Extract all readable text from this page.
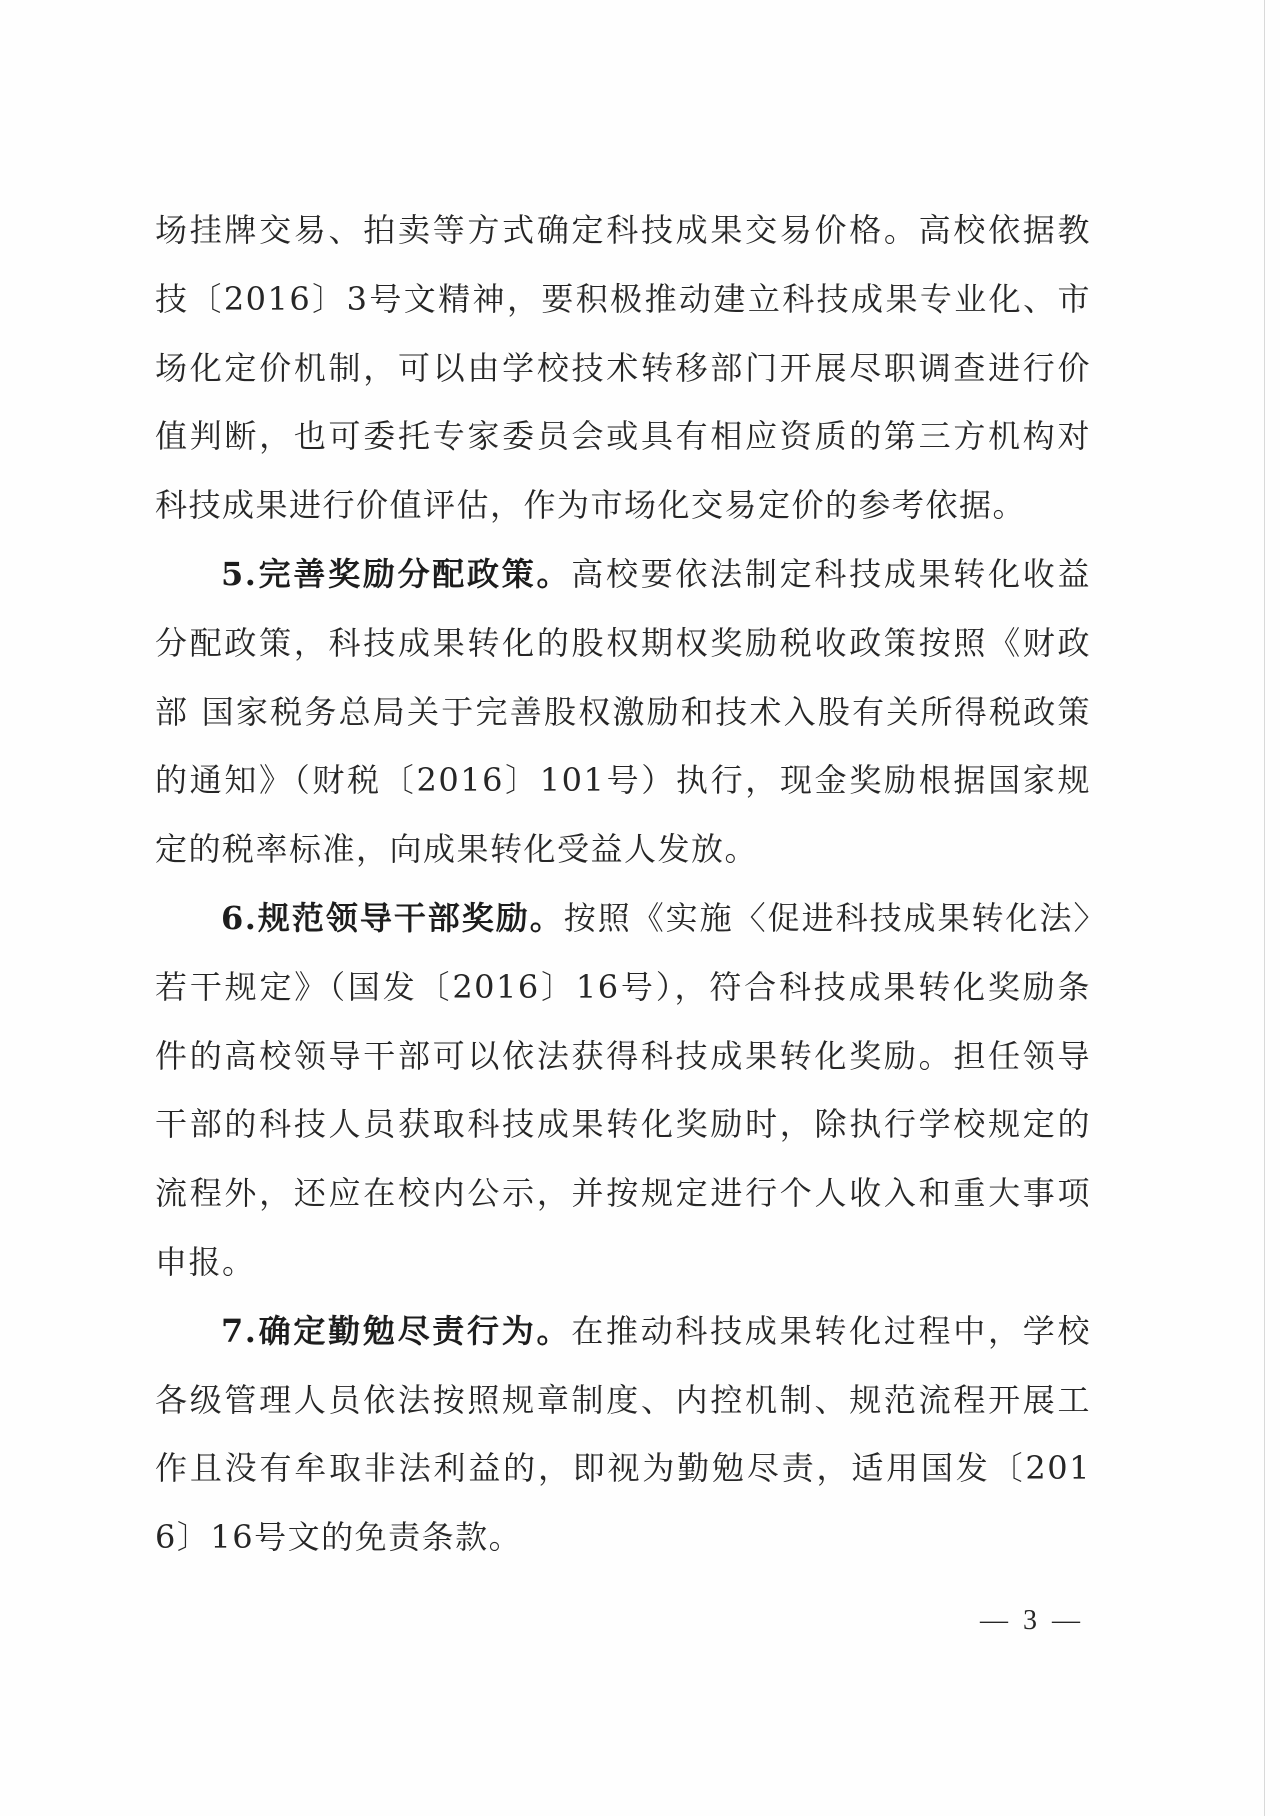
场挂牌交易、拍卖等方式确定科技成果交易价格。高校依据教技〔2016〕3号文精神，要积极推动建立科技成果专业化、市场化定价机制，可以由学校技术转移部门开展尽职调查进行价值判断，也可委托专家委员会或具有相应资质的第三方机构对科技成果进行价值评估，作为市场化交易定价的参考依据。

5.完善奖励分配政策。高校要依法制定科技成果转化收益分配政策，科技成果转化的股权期权奖励税收政策按照《财政部 国家税务总局关于完善股权激励和技术入股有关所得税政策的通知》（财税〔2016〕101号）执行，现金奖励根据国家规定的税率标准，向成果转化受益人发放。

6.规范领导干部奖励。按照《实施〈促进科技成果转化法〉若干规定》（国发〔2016〕16号），符合科技成果转化奖励条件的高校领导干部可以依法获得科技成果转化奖励。担任领导干部的科技人员获取科技成果转化奖励时，除执行学校规定的流程外，还应在校内公示，并按规定进行个人收入和重大事项申报。

7.确定勤勉尽责行为。在推动科技成果转化过程中，学校各级管理人员依法按照规章制度、内控机制、规范流程开展工作且没有牟取非法利益的，即视为勤勉尽责，适用国发〔2016〕16号文的免责条款。

— 3 —
